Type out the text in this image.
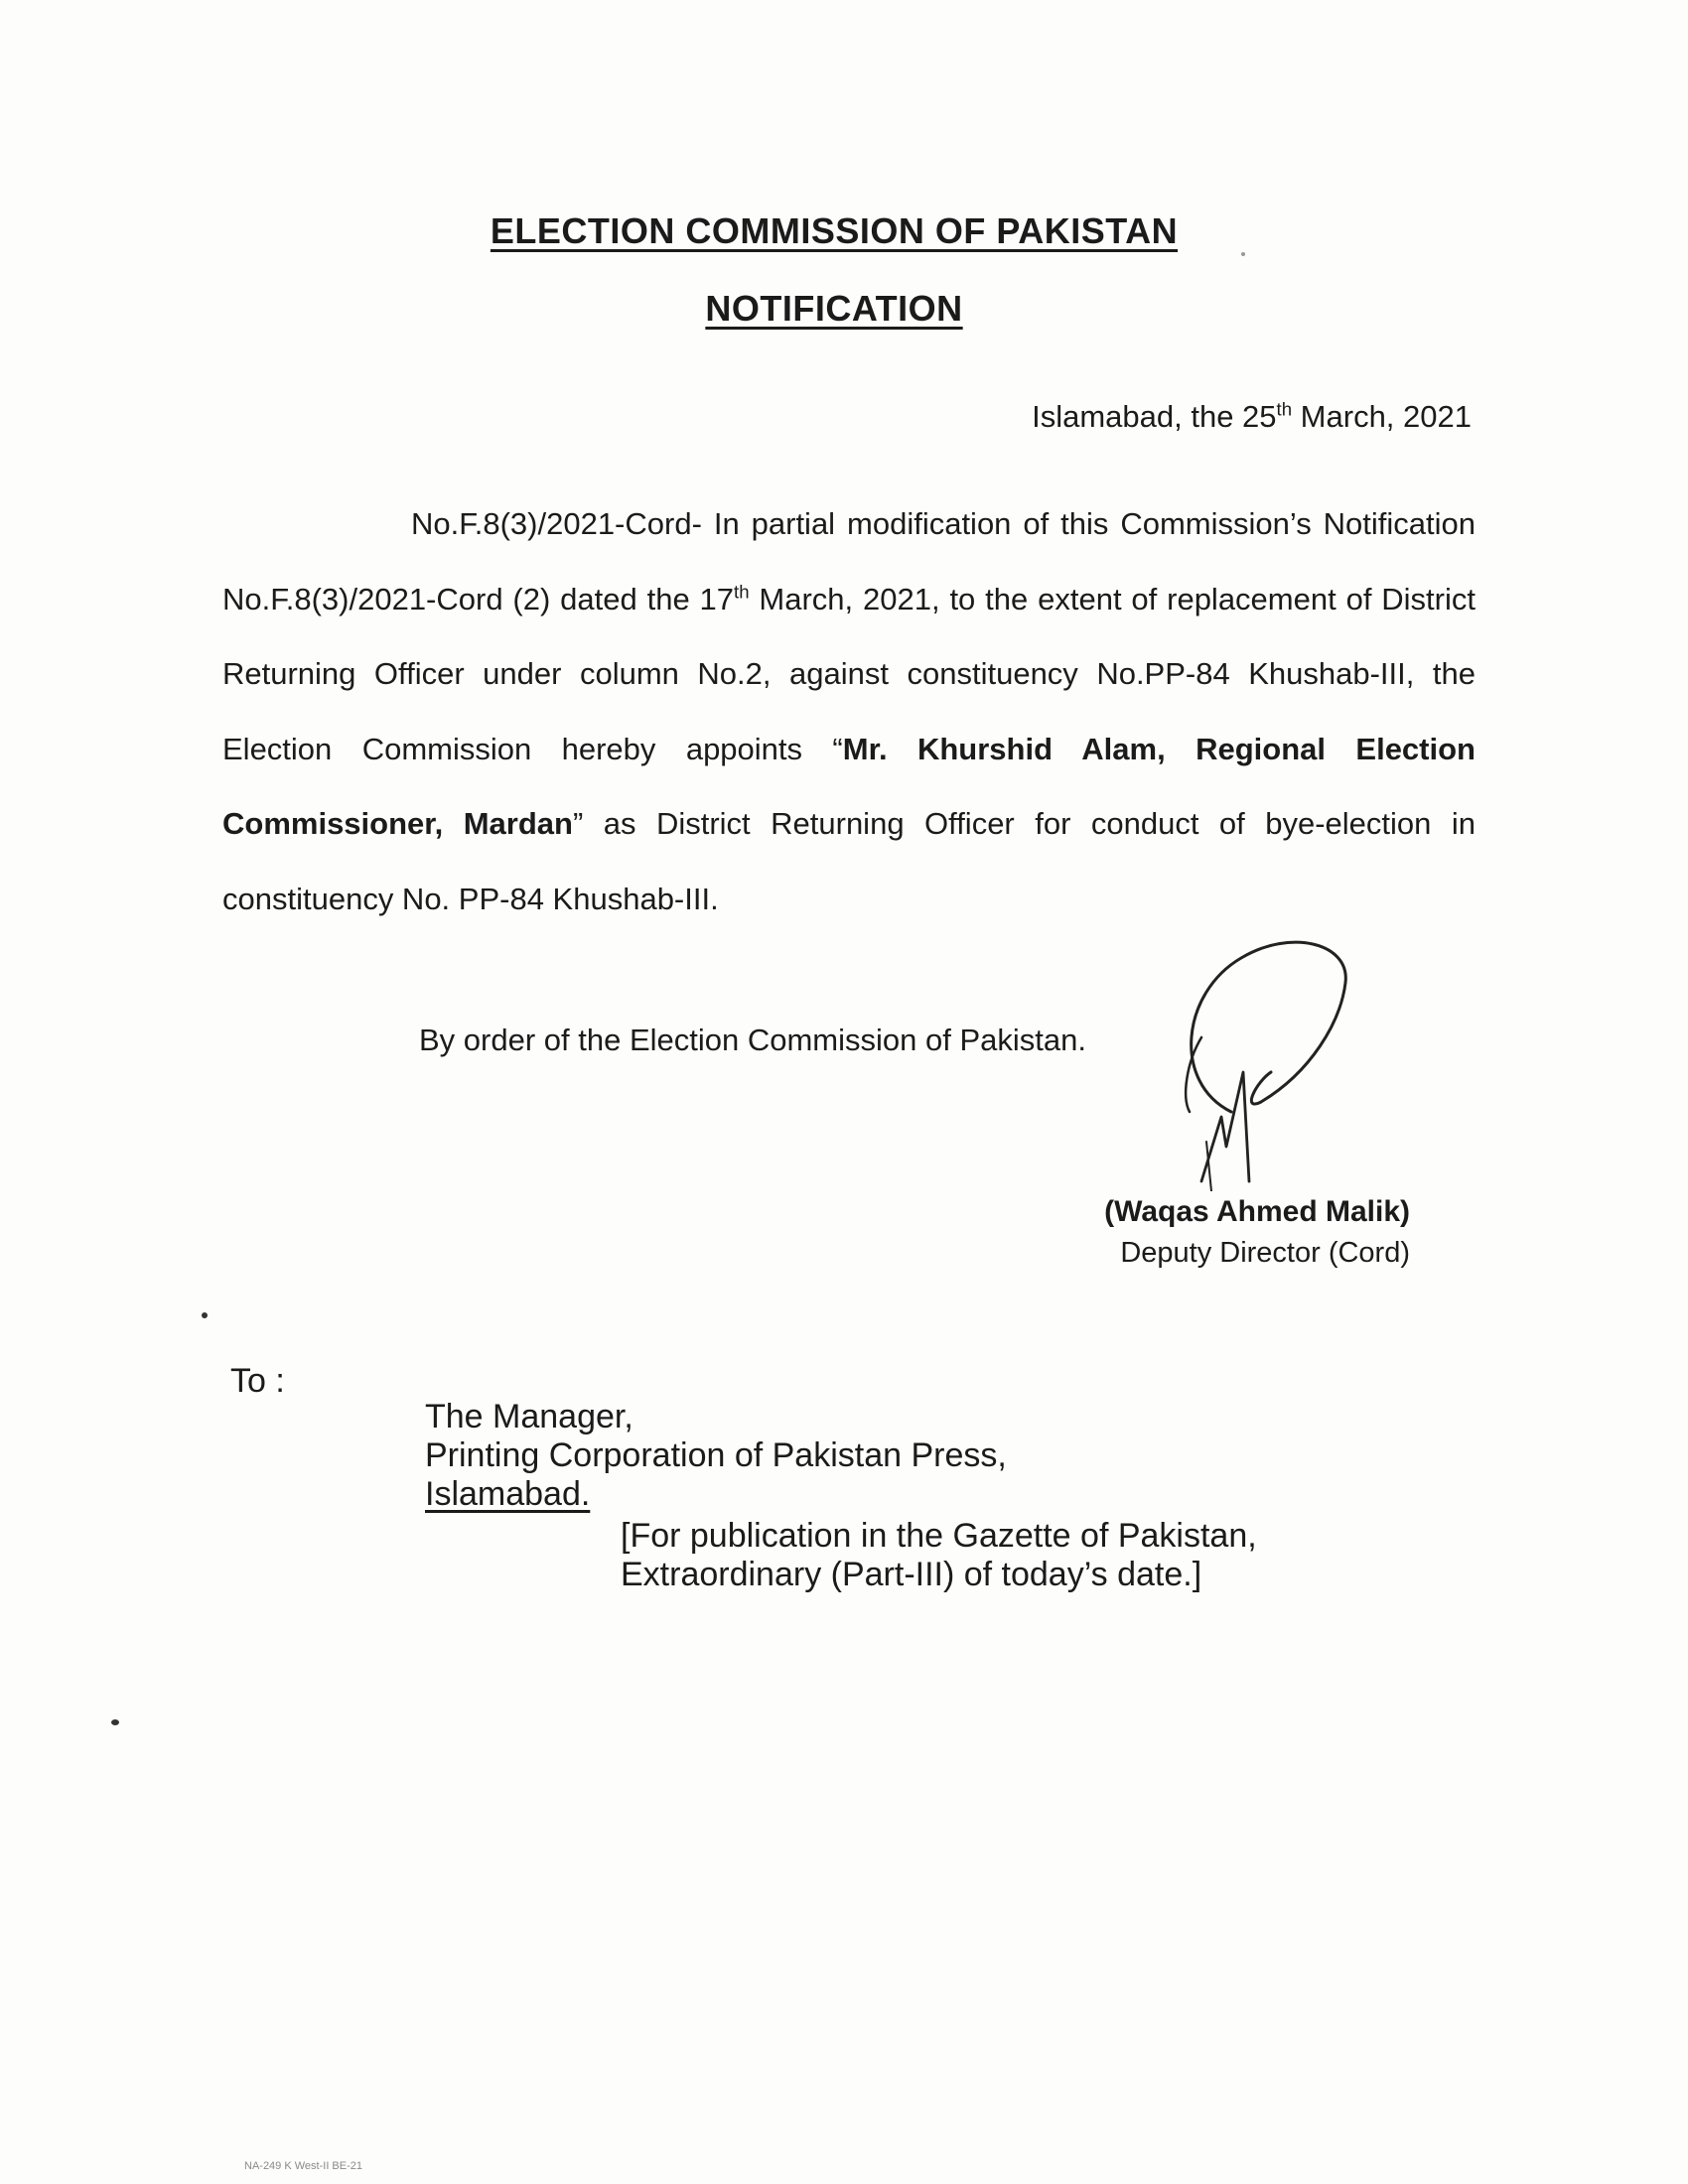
ELECTION COMMISSION OF PAKISTAN
NOTIFICATION
Islamabad, the 25th March, 2021
No.F.8(3)/2021-Cord- In partial modification of this Commission’s Notification No.F.8(3)/2021-Cord (2) dated the 17th March, 2021, to the extent of replacement of District Returning Officer under column No.2, against constituency No.PP-84 Khushab-III, the Election Commission hereby appoints “Mr. Khurshid Alam, Regional Election Commissioner, Mardan” as District Returning Officer for conduct of bye-election in constituency No. PP-84 Khushab-III.
By order of the Election Commission of Pakistan.
(Waqas Ahmed Malik)
Deputy Director (Cord)
To :
The Manager,
Printing Corporation of Pakistan Press,
Islamabad.
[For publication in the Gazette of Pakistan,
Extraordinary (Part-III) of today’s date.]
NA-249 K West-II BE-21
